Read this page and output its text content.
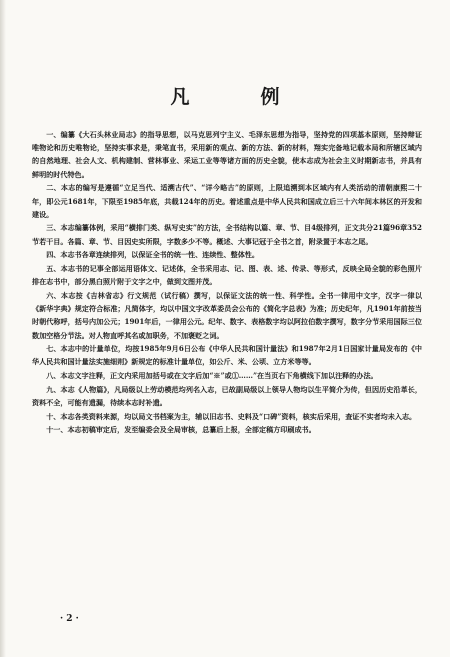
凡　例

一、编纂《大石头林业局志》的指导思想，以马克思列宁主义、毛泽东思想为指导，坚持党的四项基本原则，坚持辩证唯物论和历史唯物论，坚持实事求是，秉笔直书，采用新的观点、新的方法、新的材料，翔实完备地记载本局和所辖区域内的自然地理、社会人文、机构建制、营林事业、采运工业等等诸方面的历史全貌，使本志成为社会主义时期新志书，并具有鲜明的时代特色。

二、本志的编写是遵循“立足当代、适溯古代”、“详今略古”的原则，上限追溯到本区域内有人类活动的清朝康熙二十年，即公元1681年，下限至1985年底，共载124年的历史。着述重点是中华人民共和国成立后三十六年间本林区的开发和建设。

三、本志编纂体例，采用“横排门类、纵写史实”的方法，全书结构以篇、章、节、目4级排列，正文共分21篇96章352节若干目。各篇、章、节、目因史实所限，字数多少不等。概述、大事记冠于全书之首，附录置于本志之尾。

四、本志书各章连续排列，以保证全书的统一性、连续性、整体性。

五、本志书的记事全部运用语体文、记述体，全书采用志、记、图、表、述、传录、等形式，反映全局全貌的彩色照片排在志书中，部分黑白照片附于文字之中，做到文图并茂。

六、本志按《吉林省志》行文规范（试行稿）撰写，以保证文法的统一性、科学性。全书一律用中文字，汉字一律以《新华字典》规定符合标准；凡简体字，均以中国文字改革委员会公布的《简化字总表》为准；历史纪年，凡1901年前按当时朝代称呼，括号内加公元；1901年后，一律用公元。纪年、数字、表格数字均以阿拉伯数字撰写，数字分节采用国际三位数加空格分节法。对人物直呼其名或加职务，不加褒贬之词。

七、本志中的计量单位，均按1985年9月6日公布《中华人民共和国计量法》和1987年2月1日国家计量局发布的《中华人民共和国计量法实施细则》新规定的标准计量单位，如公斤、米、公顷、立方米等等。

八、本志文字注释，正文内采用加括号或在文字后加“※”或①……”在当页右下角横线下加以注释的办法。

九、本志《人物篇》，凡局级以上劳动模范均列名入志，已故副局级以上领导人物均以生平简介为传，但因历史沿革长，资料不全，可能有遗漏，待续本志时补遗。

十、本志各类资料来源，均以局文书档案为主，辅以旧志书、史料及“口碑”资料，核实后采用，查证不实者均未入志。

十一、本志初稿审定后，发至编委会及全局审核，总纂后上报，全部定稿方印刷成书。

· 2 ·
